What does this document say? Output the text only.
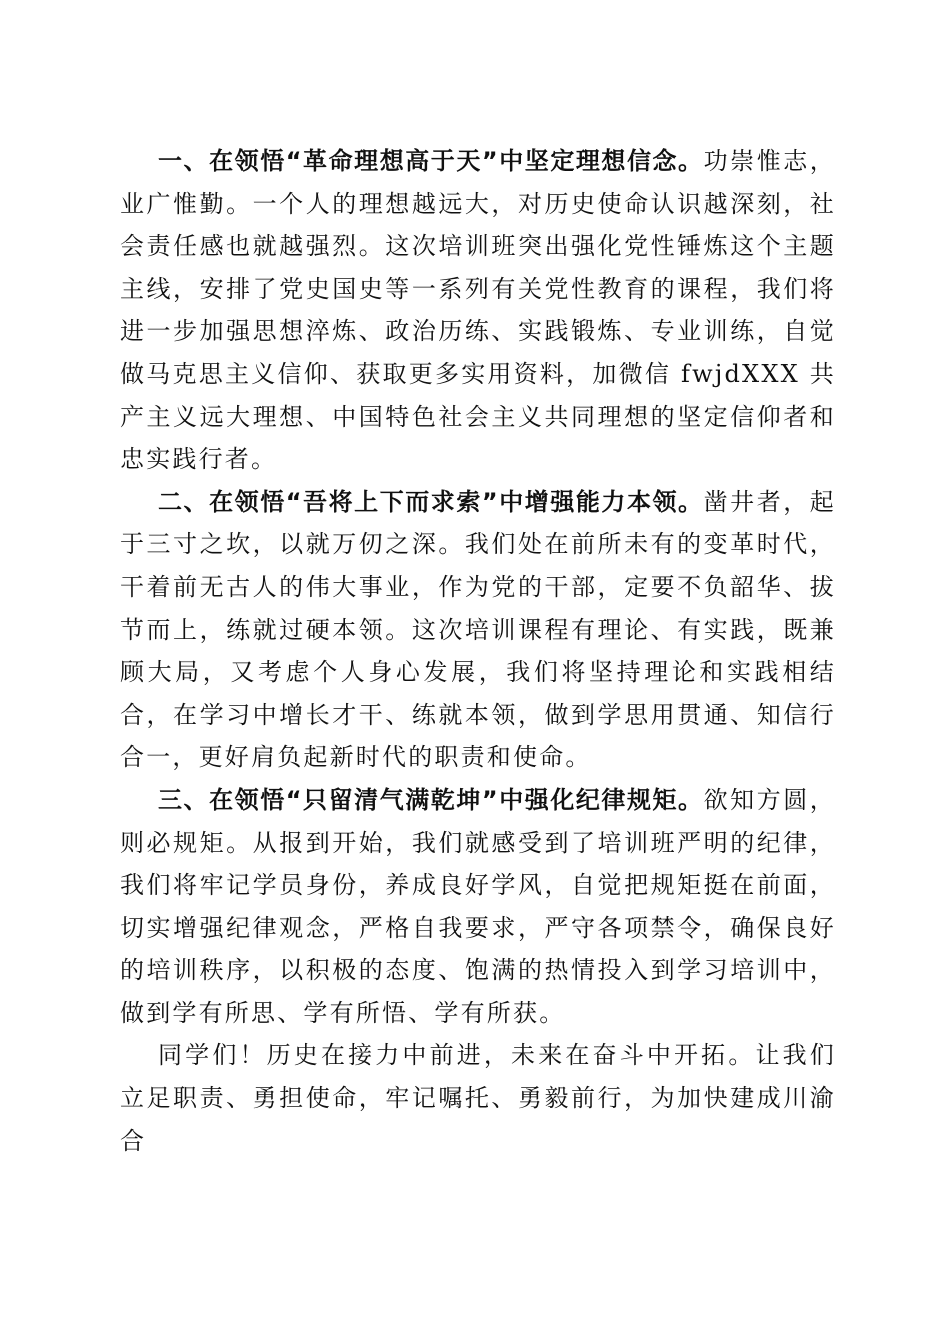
一、在领悟“革命理想高于天”中坚定理想信念。功崇惟志，业广惟勤。一个人的理想越远大，对历史使命认识越深刻，社会责任感也就越强烈。这次培训班突出强化党性锤炼这个主题主线，安排了党史国史等一系列有关党性教育的课程，我们将进一步加强思想淬炼、政治历练、实践锻炼、专业训练，自觉做马克思主义信仰、获取更多实用资料，加微信 fwjdXXX 共产主义远大理想、中国特色社会主义共同理想的坚定信仰者和忠实践行者。

二、在领悟“吾将上下而求索”中增强能力本领。凿井者，起于三寸之坎，以就万仞之深。我们处在前所未有的变革时代，干着前无古人的伟大事业，作为党的干部，定要不负韶华、拔节而上，练就过硬本领。这次培训课程有理论、有实践，既兼顾大局，又考虑个人身心发展，我们将坚持理论和实践相结合，在学习中增长才干、练就本领，做到学思用贯通、知信行合一，更好肩负起新时代的职责和使命。

三、在领悟“只留清气满乾坤”中强化纪律规矩。欲知方圆，则必规矩。从报到开始，我们就感受到了培训班严明的纪律，我们将牢记学员身份，养成良好学风，自觉把规矩挺在前面，切实增强纪律观念，严格自我要求，严守各项禁令，确保良好的培训秩序，以积极的态度、饱满的热情投入到学习培训中，做到学有所思、学有所悟、学有所获。

同学们！历史在接力中前进，未来在奋斗中开拓。让我们立足职责、勇担使命，牢记嘱托、勇毅前行，为加快建成川渝合
